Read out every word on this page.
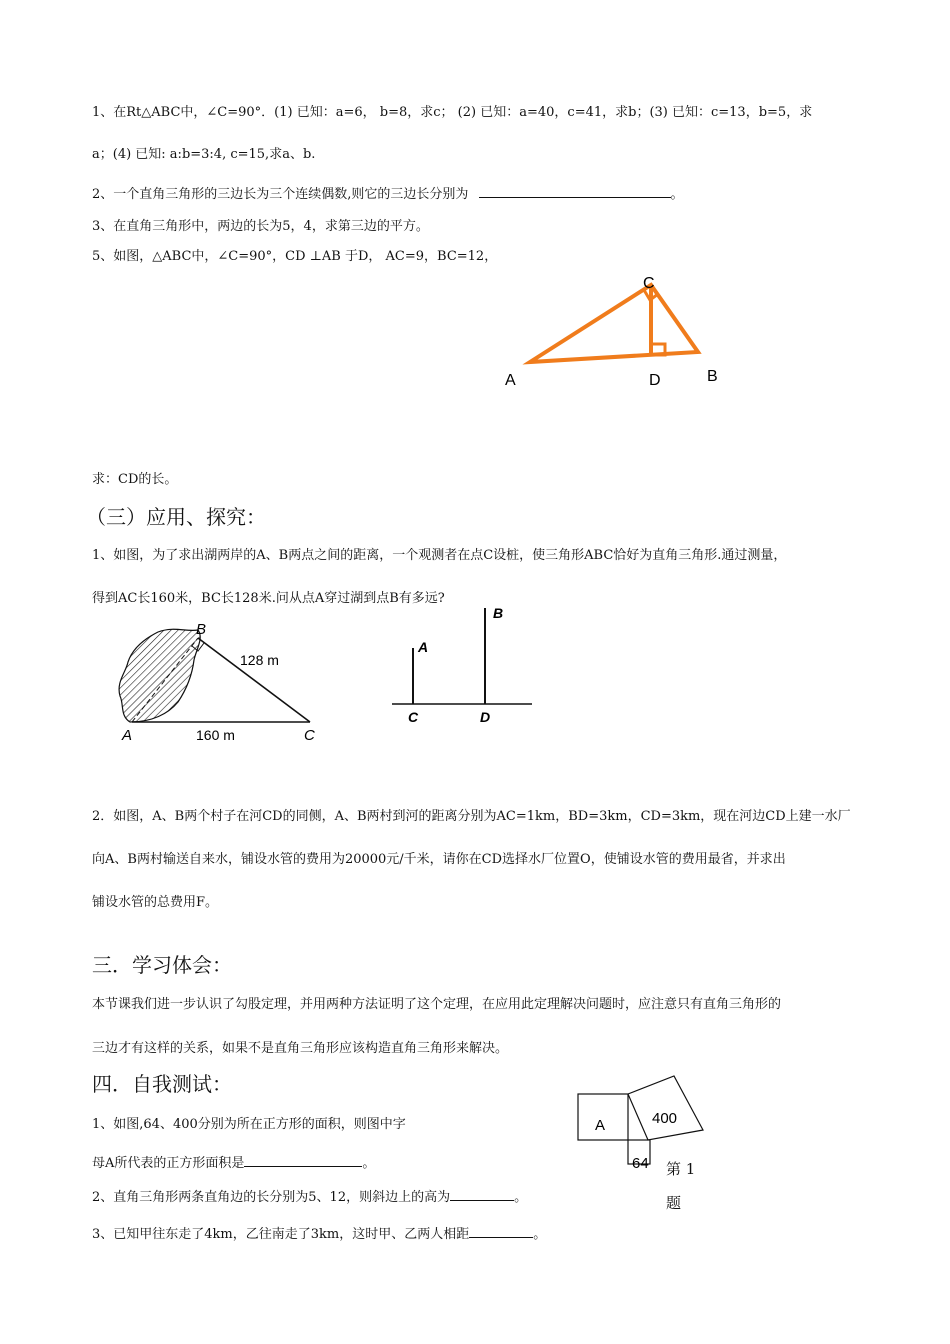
1、在Rt△ABC中，∠C=90°．(1) 已知：a=6， b=8，求c； (2) 已知：a=40，c=41，求b；(3) 已知：c=13，b=5，求
a；(4) 已知: a:b=3:4, c=15,求a、b.
2、一个直角三角形的三边长为三个连续偶数,则它的三边长分别为	。
3、在直角三角形中，两边的长为5，4，求第三边的平方。
5、如图，△ABC中，∠C=90°，CD ⊥AB 于D， AC=9，BC=12，
C
A	D	B
求：CD的长。
（三）应用、探究：
1、如图，为了求出湖两岸的A、B两点之间的距离，一个观测者在点C设桩，使三角形ABC恰好为直角三角形.通过测量，
得到AC长160米，BC长128米.问从点A穿过湖到点B有多远?
B
A	C
128 m
160 m
A
B
C	D
2．如图，A、B两个村子在河CD的同侧，A、B两村到河的距离分别为AC=1km，BD=3km，CD=3km，现在河边CD上建一水厂
向A、B两村输送自来水，铺设水管的费用为20000元/千米，请你在CD选择水厂位置O，使铺设水管的费用最省，并求出
铺设水管的总费用F。
三．学习体会：
本节课我们进一步认识了勾股定理，并用两种方法证明了这个定理，在应用此定理解决问题时，应注意只有直角三角形的
三边才有这样的关系，如果不是直角三角形应该构造直角三角形来解决。
四．自我测试：
1、如图,64、400分别为所在正方形的面积，则图中字
母A所代表的正方形面积是	。
2、直角三角形两条直角边的长分别为5、12，则斜边上的高为	。
3、已知甲往东走了4km，乙往南走了3km，这时甲、乙两人相距	。
A	400
64 第 1
题
